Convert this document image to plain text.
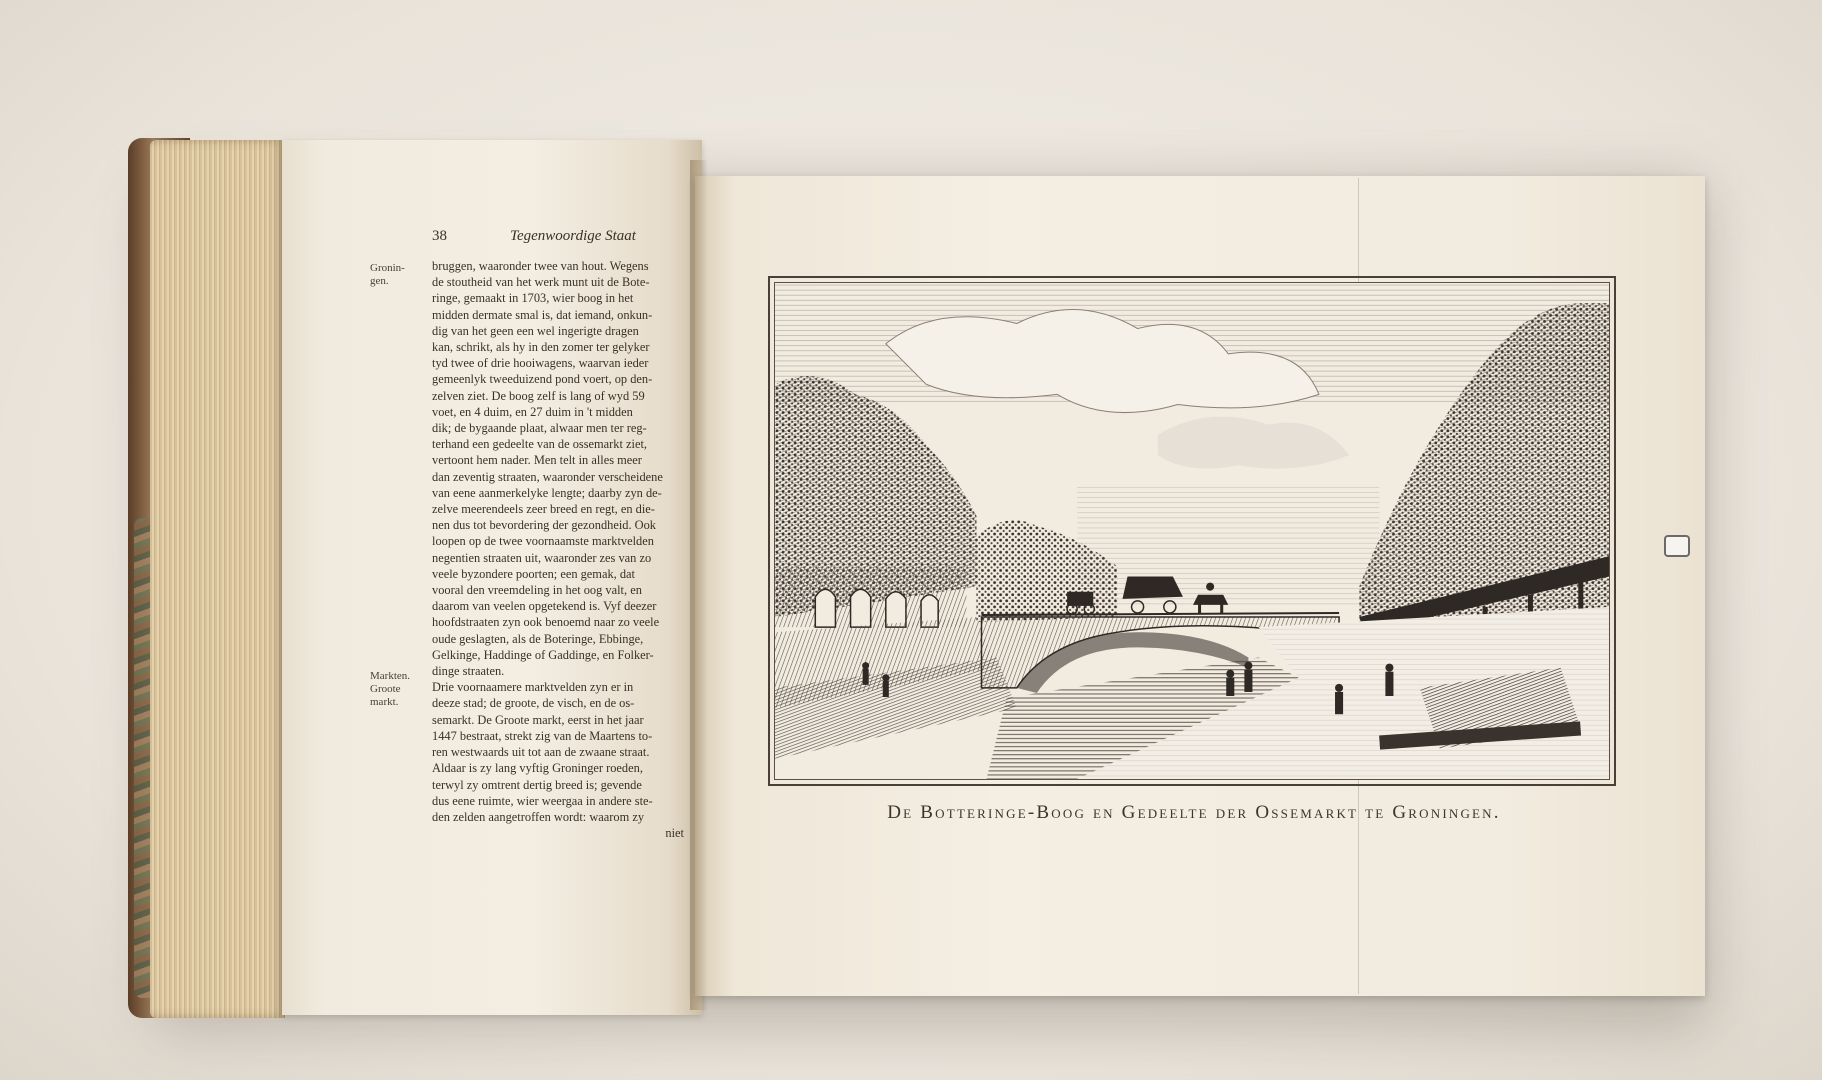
38	Tegenwoordige Staat
Gronin-
gen.
Markten.
Groote
markt.
bruggen, waaronder twee van hout. Wegens
de stoutheid van het werk munt uit de Bote-
ringe, gemaakt in 1703, wier boog in het
midden dermate smal is, dat iemand, onkun-
dig van het geen een wel ingerigte dragen
kan, schrikt, als hy in den zomer ter gelyker
tyd twee of drie hooiwagens, waarvan ieder
gemeenlyk tweeduizend pond voert, op den-
zelven ziet. De boog zelf is lang of wyd 59
voet, en 4 duim, en 27 duim in 't midden
dik; de bygaande plaat, alwaar men ter reg-
terhand een gedeelte van de ossemarkt ziet,
vertoont hem nader. Men telt in alles meer
dan zeventig straaten, waaronder verscheidene
van eene aanmerkelyke lengte; daarby zyn de-
zelve meerendeels zeer breed en regt, en die-
nen dus tot bevordering der gezondheid. Ook
loopen op de twee voornaamste marktvelden
negentien straaten uit, waaronder zes van zo
veele byzondere poorten; een gemak, dat
vooral den vreemdeling in het oog valt, en
daarom van veelen opgetekend is. Vyf deezer
hoofdstraaten zyn ook benoemd naar zo veele
oude geslagten, als de Boteringe, Ebbinge,
Gelkinge, Haddinge of Gaddinge, en Folker-
dinge straaten.
Drie voornaamere marktvelden zyn er in
deeze stad; de groote, de visch, en de os-
semarkt. De Groote markt, eerst in het jaar
1447 bestraat, strekt zig van de Maartens to-
ren westwaards uit tot aan de zwaane straat.
Aldaar is zy lang vyftig Groninger roeden,
terwyl zy omtrent dertig breed is; gevende
dus eene ruimte, wier weergaa in andere ste-
den zelden aangetroffen wordt: waarom zy
niet
De Botteringe-Boog en Gedeelte der Ossemarkt te Groningen.
